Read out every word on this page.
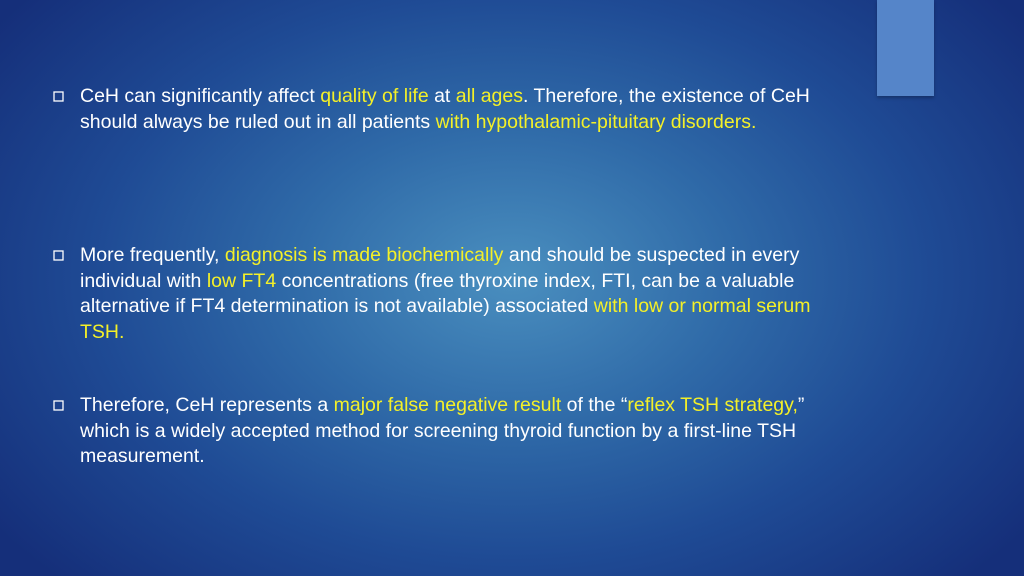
CeH can significantly affect quality of life at all ages. Therefore, the existence of CeH should always be ruled out in all patients with hypothalamic-pituitary disorders.

More frequently, diagnosis is made biochemically and should be suspected in every individual with low FT4 concentrations (free thyroxine index, FTI, can be a valuable alternative if FT4 determination is not available) associated with low or normal serum TSH.

Therefore, CeH represents a major false negative result of the “reflex TSH strategy,” which is a widely accepted method for screening thyroid function by a first-line TSH measurement.
